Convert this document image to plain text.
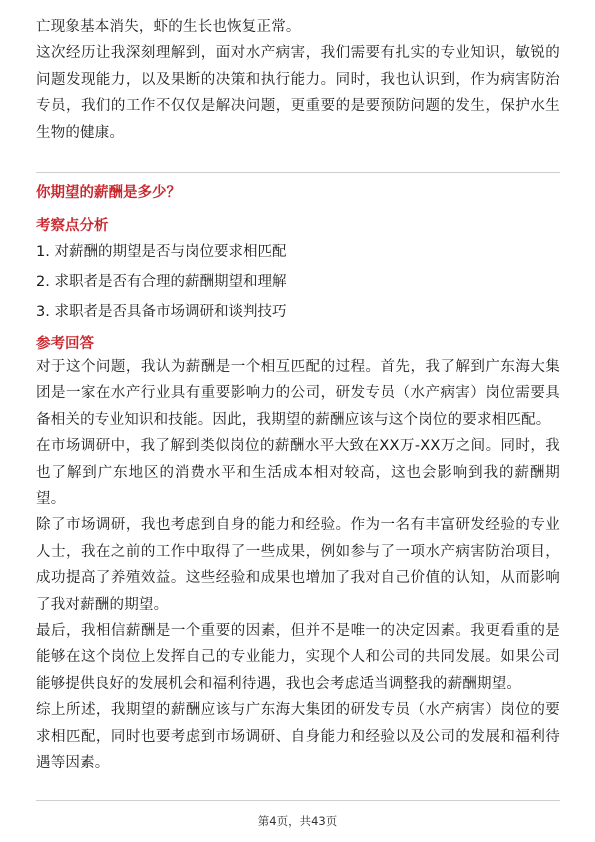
亡现象基本消失，虾的生长也恢复正常。

这次经历让我深刻理解到，面对水产病害，我们需要有扎实的专业知识，敏锐的问题发现能力，以及果断的决策和执行能力。同时，我也认识到，作为病害防治专员，我们的工作不仅仅是解决问题，更重要的是要预防问题的发生，保护水生生物的健康。

你期望的薪酬是多少？
考察点分析
1. 对薪酬的期望是否与岗位要求相匹配
2. 求职者是否有合理的薪酬期望和理解
3. 求职者是否具备市场调研和谈判技巧
参考回答

对于这个问题，我认为薪酬是一个相互匹配的过程。首先，我了解到广东海大集团是一家在水产行业具有重要影响力的公司，研发专员（水产病害）岗位需要具备相关的专业知识和技能。因此，我期望的薪酬应该与这个岗位的要求相匹配。

在市场调研中，我了解到类似岗位的薪酬水平大致在XX万-XX万之间。同时，我也了解到广东地区的消费水平和生活成本相对较高，这也会影响到我的薪酬期望。

除了市场调研，我也考虑到自身的能力和经验。作为一名有丰富研发经验的专业人士，我在之前的工作中取得了一些成果，例如参与了一项水产病害防治项目，成功提高了养殖效益。这些经验和成果也增加了我对自己价值的认知，从而影响了我对薪酬的期望。

最后，我相信薪酬是一个重要的因素，但并不是唯一的决定因素。我更看重的是能够在这个岗位上发挥自己的专业能力，实现个人和公司的共同发展。如果公司能够提供良好的发展机会和福利待遇，我也会考虑适当调整我的薪酬期望。

综上所述，我期望的薪酬应该与广东海大集团的研发专员（水产病害）岗位的要求相匹配，同时也要考虑到市场调研、自身能力和经验以及公司的发展和福利待遇等因素。

第4页，共43页
